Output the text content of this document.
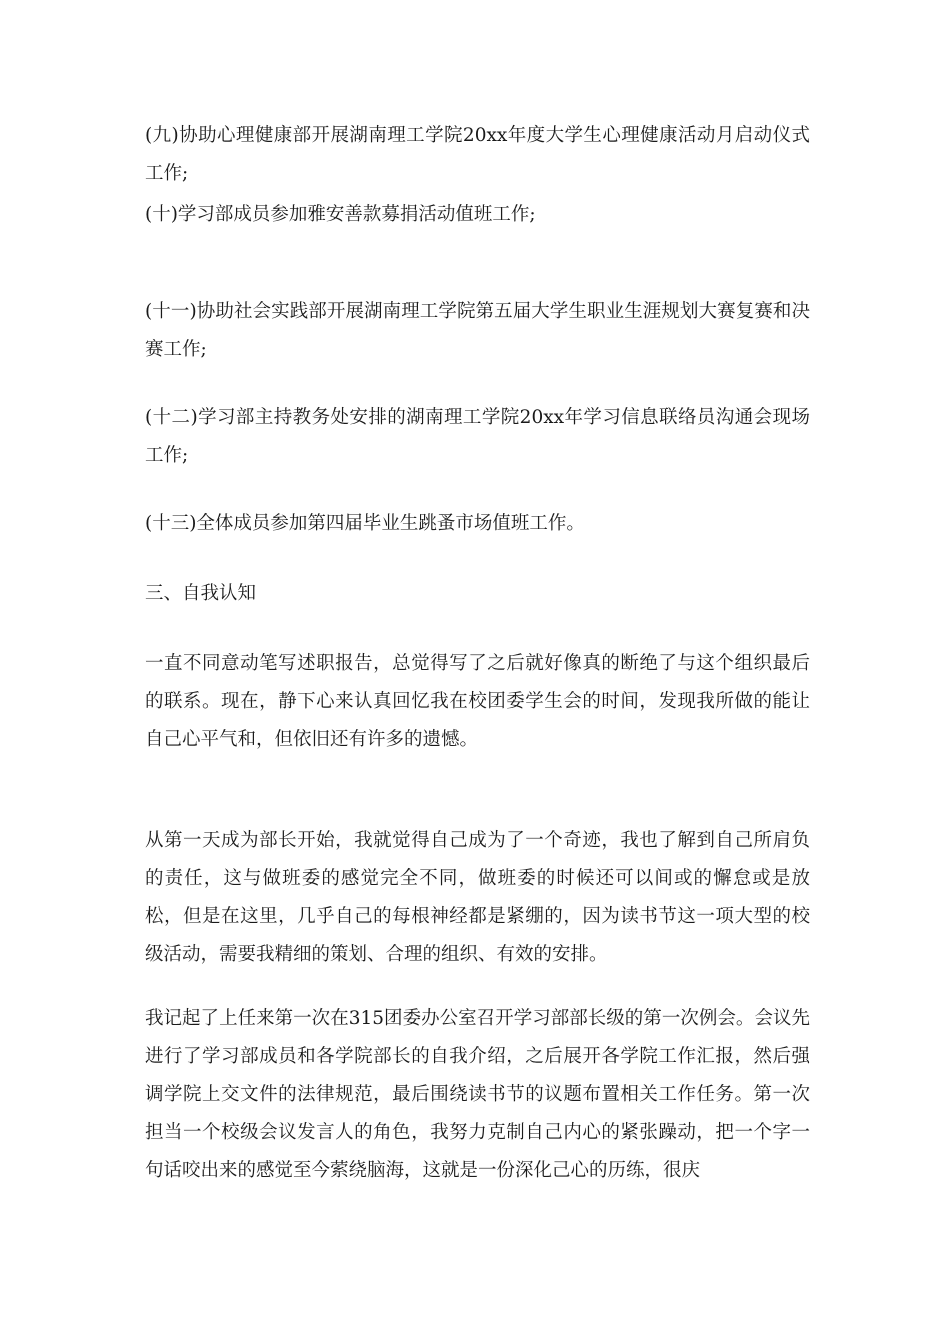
(九)协助心理健康部开展湖南理工学院20xx年度大学生心理健康活动月启动仪式工作;

(十)学习部成员参加雅安善款募捐活动值班工作;

(十一)协助社会实践部开展湖南理工学院第五届大学生职业生涯规划大赛复赛和决赛工作;

(十二)学习部主持教务处安排的湖南理工学院20xx年学习信息联络员沟通会现场工作;

(十三)全体成员参加第四届毕业生跳蚤市场值班工作。

三、自我认知

一直不同意动笔写述职报告，总觉得写了之后就好像真的断绝了与这个组织最后的联系。现在，静下心来认真回忆我在校团委学生会的时间，发现我所做的能让自己心平气和，但依旧还有许多的遗憾。

从第一天成为部长开始，我就觉得自己成为了一个奇迹，我也了解到自己所肩负的责任，这与做班委的感觉完全不同，做班委的时候还可以间或的懈怠或是放松，但是在这里，几乎自己的每根神经都是紧绷的，因为读书节这一项大型的校级活动，需要我精细的策划、合理的组织、有效的安排。

我记起了上任来第一次在315团委办公室召开学习部部长级的第一次例会。会议先进行了学习部成员和各学院部长的自我介绍，之后展开各学院工作汇报，然后强调学院上交文件的法律规范，最后围绕读书节的议题布置相关工作任务。第一次担当一个校级会议发言人的角色，我努力克制自己内心的紧张躁动，把一个字一句话咬出来的感觉至今萦绕脑海，这就是一份深化己心的历练，很庆
